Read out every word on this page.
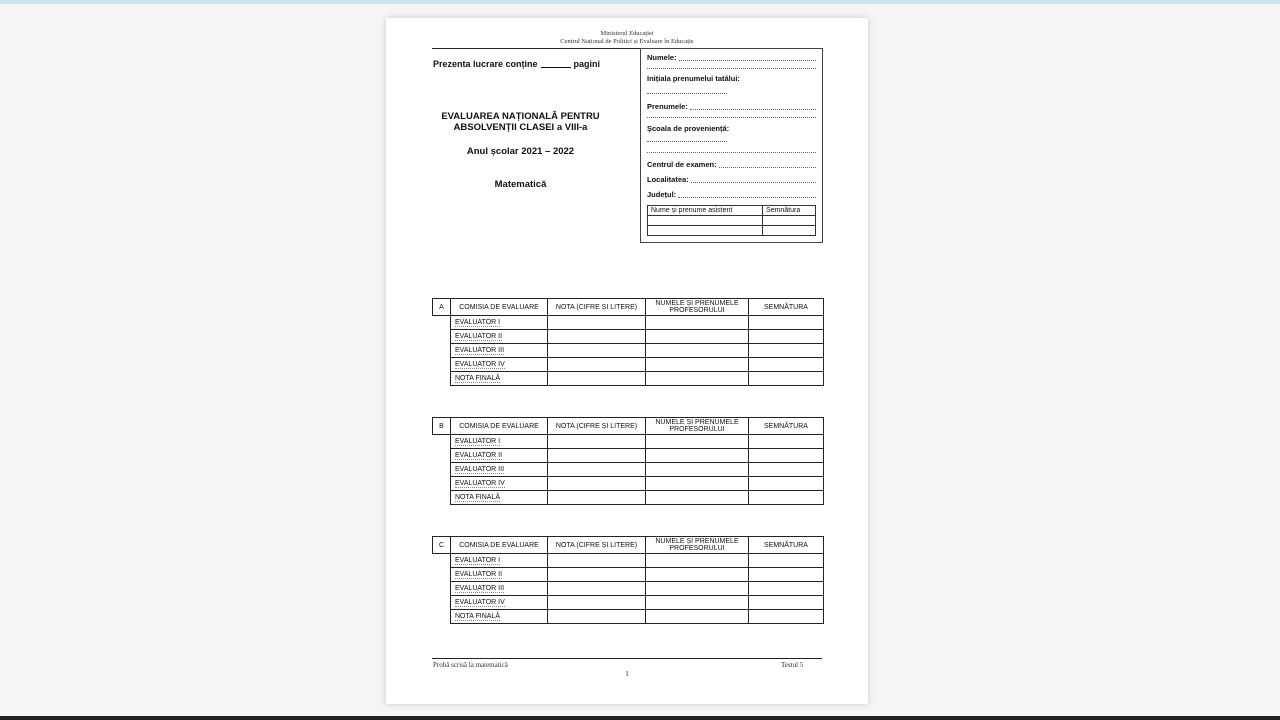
Ministerul Educației
Centrul Național de Politici și Evaluare în Educație
Prezenta lucrare conține	pagini
EVALUAREA NAȚIONALĂ PENTRU
ABSOLVENȚII CLASEI a VIII-a
Anul școlar 2021 – 2022
Matematică
Numele:
Inițiala prenumelui tatălui:
Prenumele:
Școala de proveniență:
Centrul de examen:
Localitatea:
Județul:
Nume și prenume asistent	Semnătura

A	COMISIA DE EVALUARE	NOTA (CIFRE ȘI LITERE)	NUMELE ȘI PRENUMELE
PROFESORULUI	SEMNĂTURA
	EVALUATOR I			
	EVALUATOR II			
	EVALUATOR III			
	EVALUATOR IV			
	NOTA FINALĂ			
B	COMISIA DE EVALUARE	NOTA (CIFRE ȘI LITERE)	NUMELE ȘI PRENUMELE
PROFESORULUI	SEMNĂTURA
	EVALUATOR I			
	EVALUATOR II			
	EVALUATOR III			
	EVALUATOR IV			
	NOTA FINALĂ			
C	COMISIA DE EVALUARE	NOTA (CIFRE ȘI LITERE)	NUMELE ȘI PRENUMELE
PROFESORULUI	SEMNĂTURA
	EVALUATOR I			
	EVALUATOR II			
	EVALUATOR III			
	EVALUATOR IV			
	NOTA FINALĂ			
Probă scrisă la matematică	Testul 5
1
